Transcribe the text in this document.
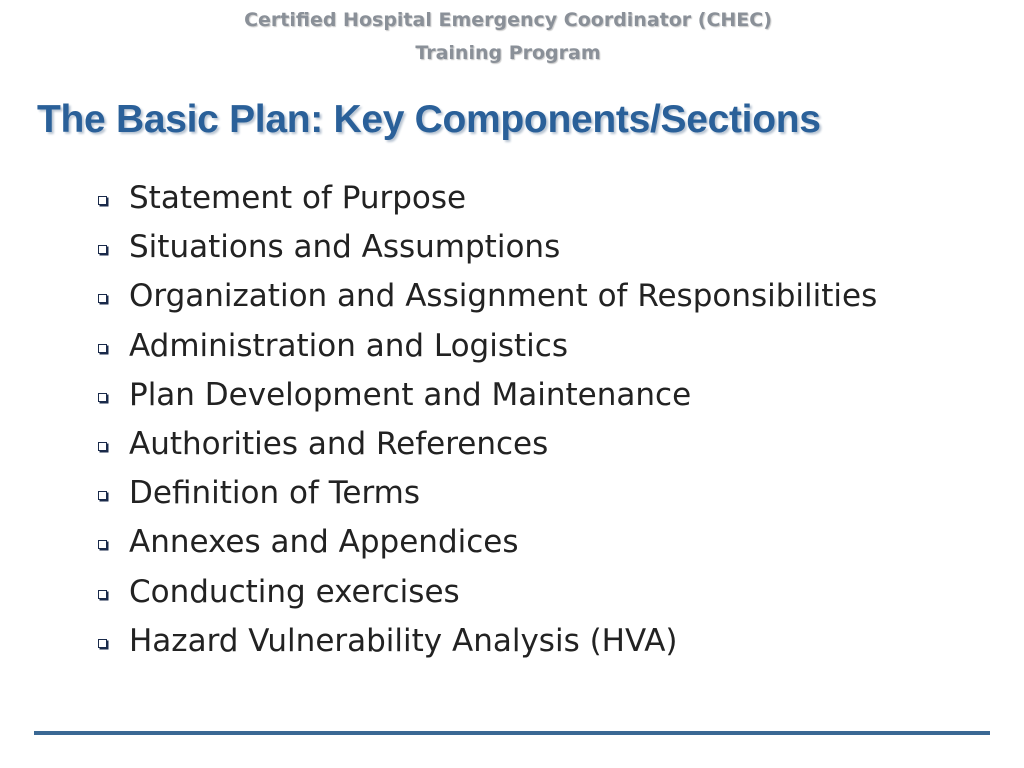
Certified Hospital Emergency Coordinator (CHEC)
Training Program
The Basic Plan: Key Components/Sections
Statement of Purpose
Situations and Assumptions
Organization and Assignment of Responsibilities
Administration and Logistics
Plan Development and Maintenance
Authorities and References
Definition of Terms
Annexes and Appendices
Conducting exercises
Hazard Vulnerability Analysis (HVA)
